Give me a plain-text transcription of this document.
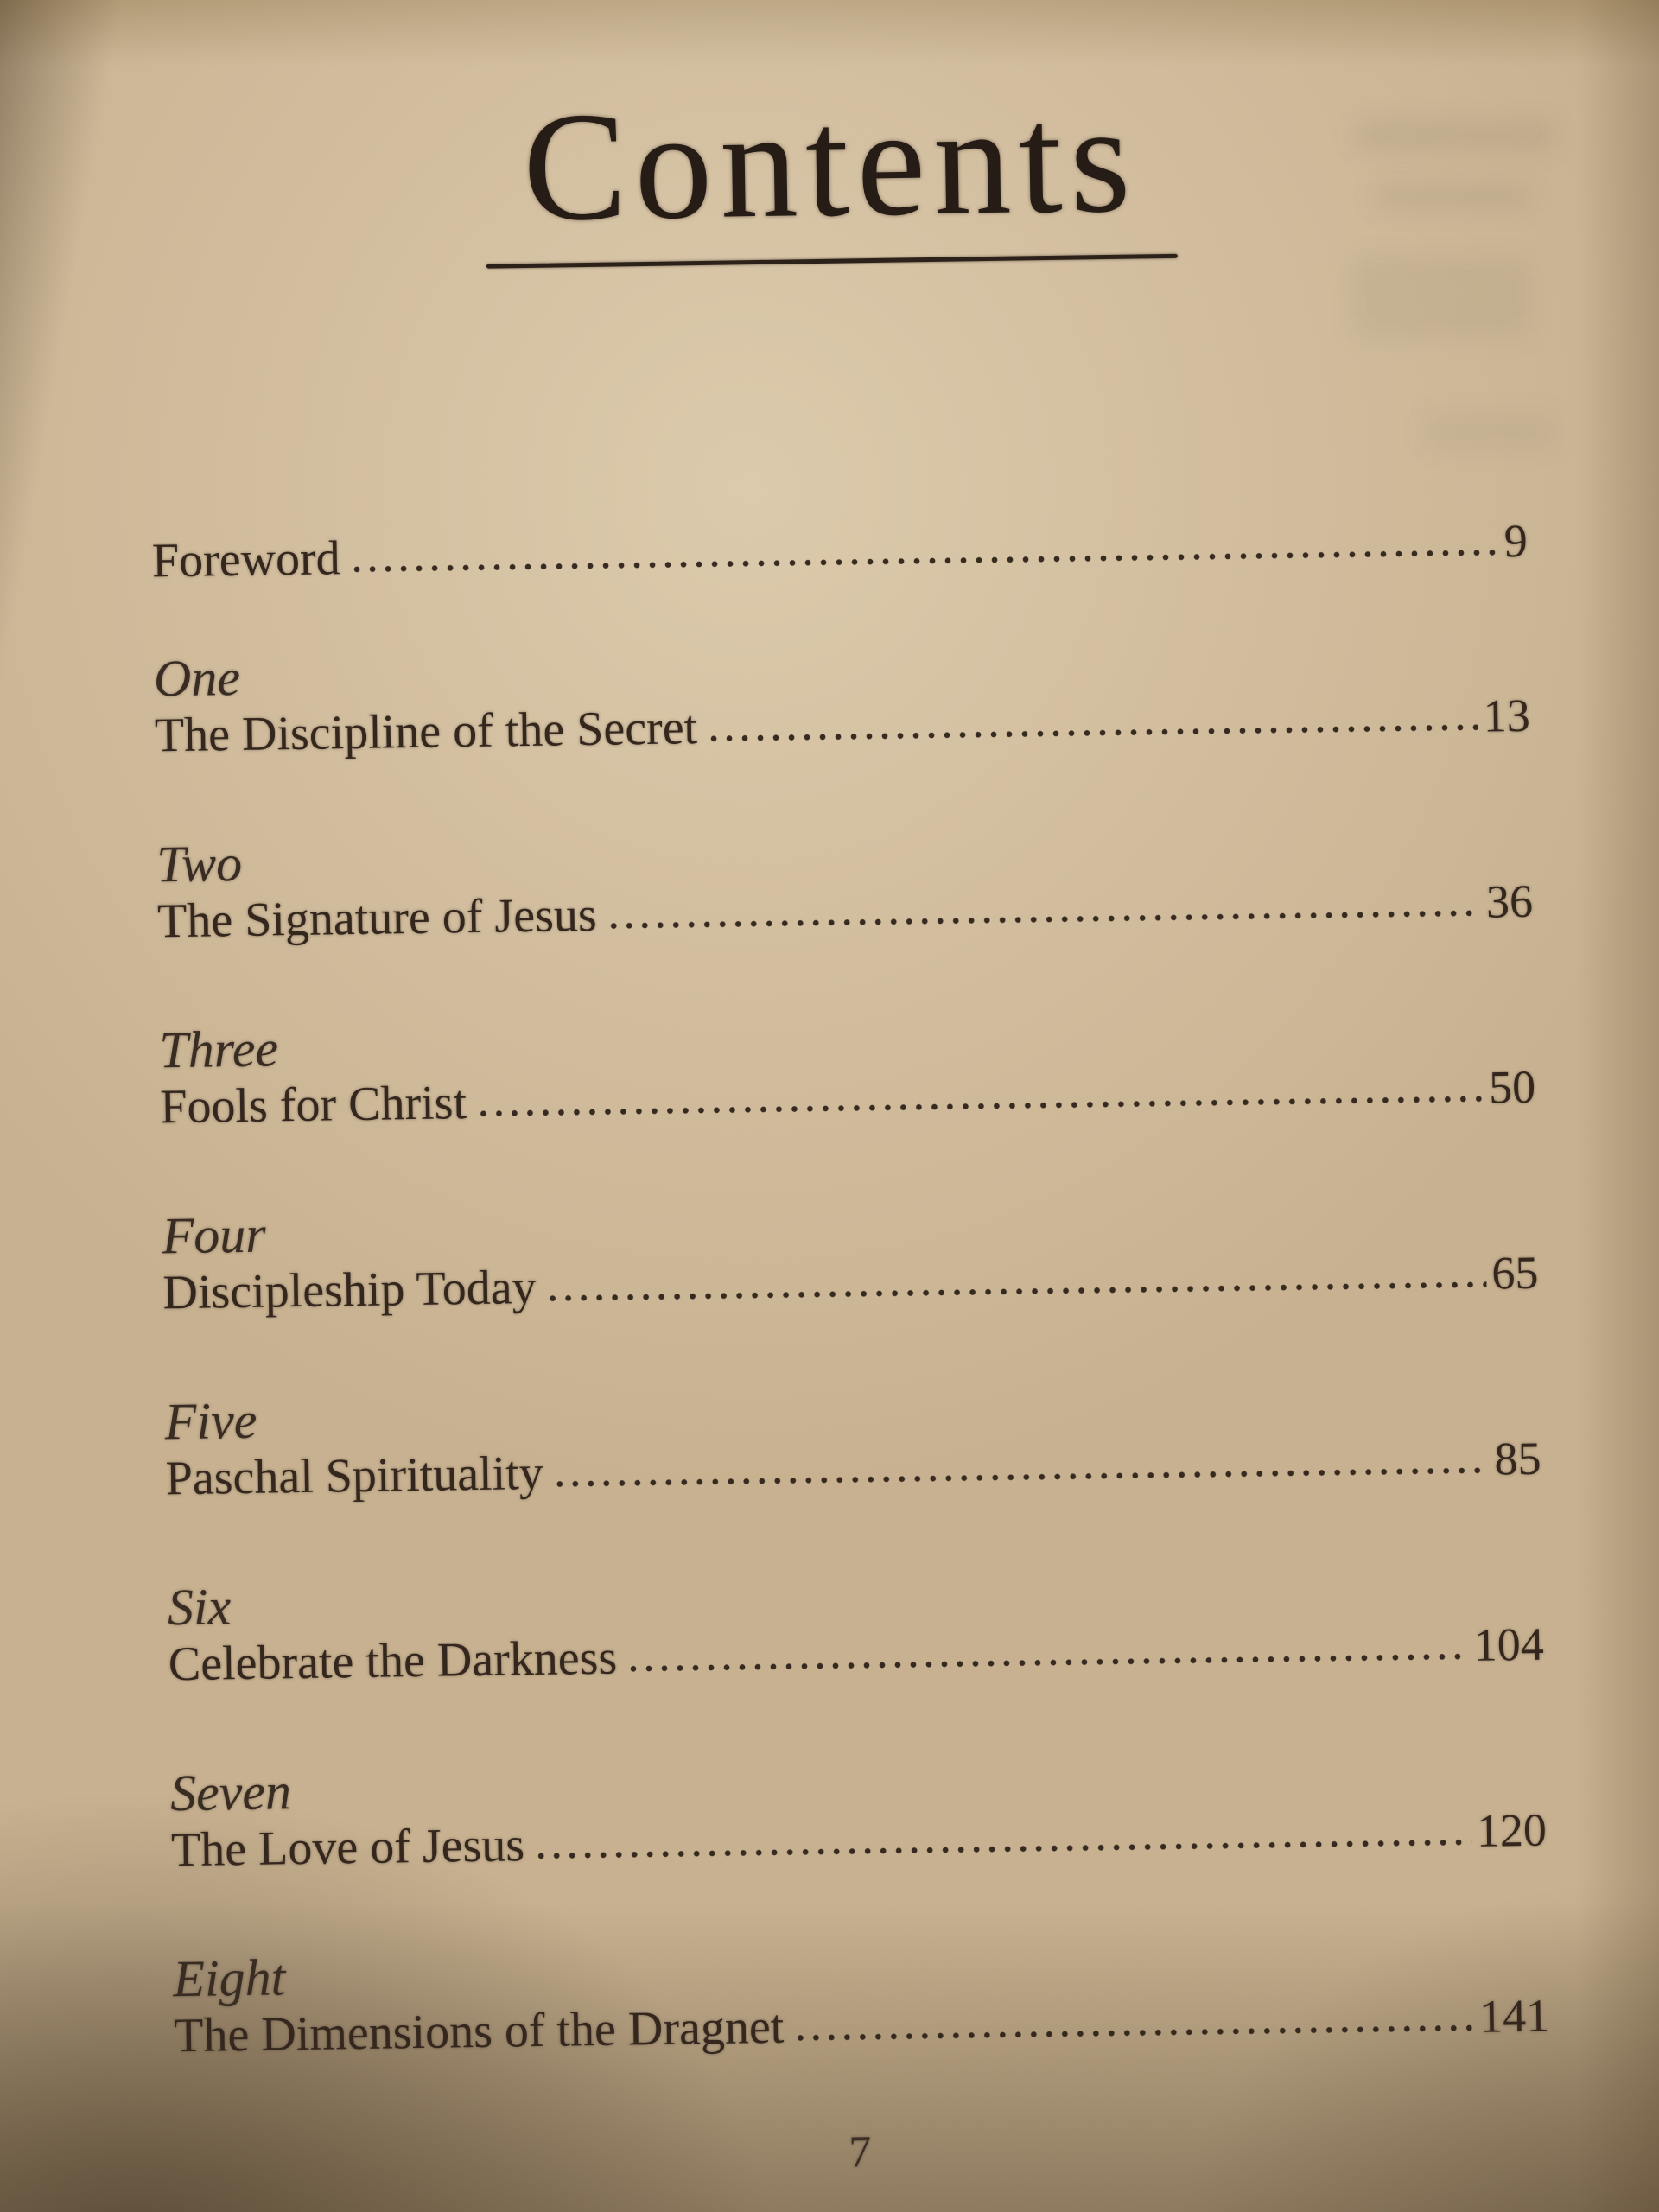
Contents
Foreword	9
One
The Discipline of the Secret	13
Two
The Signature of Jesus	36
Three
Fools for Christ	50
Four
Discipleship Today	65
Five
Paschal Spirituality	85
Six
Celebrate the Darkness	104
Seven
The Love of Jesus	120
Eight
The Dimensions of the Dragnet	141
7
